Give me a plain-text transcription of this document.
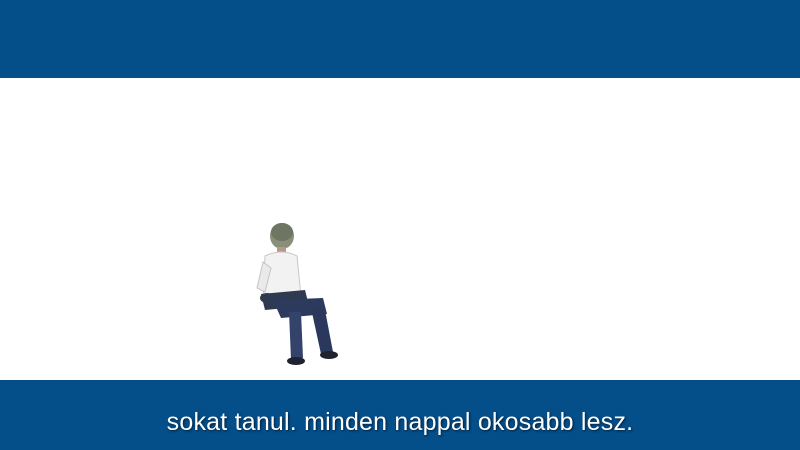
sokat tanul. minden nappal okosabb lesz.
